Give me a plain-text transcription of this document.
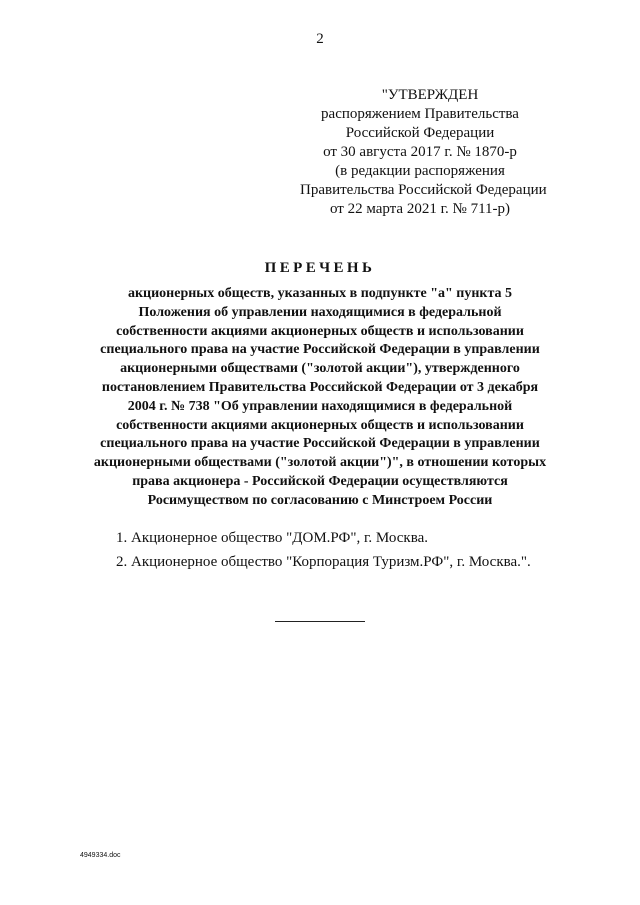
2
"УТВЕРЖДЕН
распоряжением Правительства
Российской Федерации
от 30 августа 2017 г. № 1870-р
(в редакции распоряжения
Правительства Российской Федерации
от 22 марта 2021 г. № 711-р)
ПЕРЕЧЕНЬ
акционерных обществ, указанных в подпункте "а" пункта 5
Положения об управлении находящимися в федеральной
собственности акциями акционерных обществ и использовании
специального права на участие Российской Федерации в управлении
акционерными обществами ("золотой акции"), утвержденного
постановлением Правительства Российской Федерации от 3 декабря
2004 г. № 738 "Об управлении находящимися в федеральной
собственности акциями акционерных обществ и использовании
специального права на участие Российской Федерации в управлении
акционерными обществами ("золотой акции")", в отношении которых
права акционера - Российской Федерации осуществляются
Росимуществом по согласованию с Минстроем России
1. Акционерное общество "ДОМ.РФ", г. Москва.
2. Акционерное общество "Корпорация Туризм.РФ", г. Москва.".
4949334.doc
